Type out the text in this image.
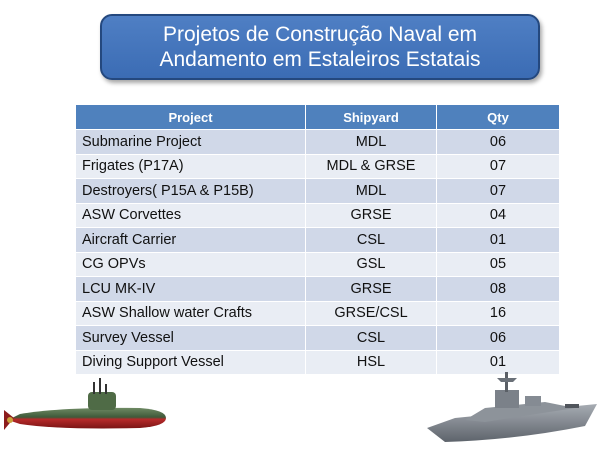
Projetos de Construção Naval em
Andamento em Estaleiros Estatais
Project	Shipyard	Qty
Submarine Project	MDL	06
Frigates (P17A)	MDL & GRSE	07
Destroyers( P15A & P15B)	MDL	07
ASW Corvettes	GRSE	04
Aircraft Carrier	CSL	01
CG OPVs	GSL	05
LCU MK-IV	GRSE	08
ASW Shallow water Crafts	GRSE/CSL	16
Survey Vessel	CSL	06
Diving Support Vessel	HSL	01
